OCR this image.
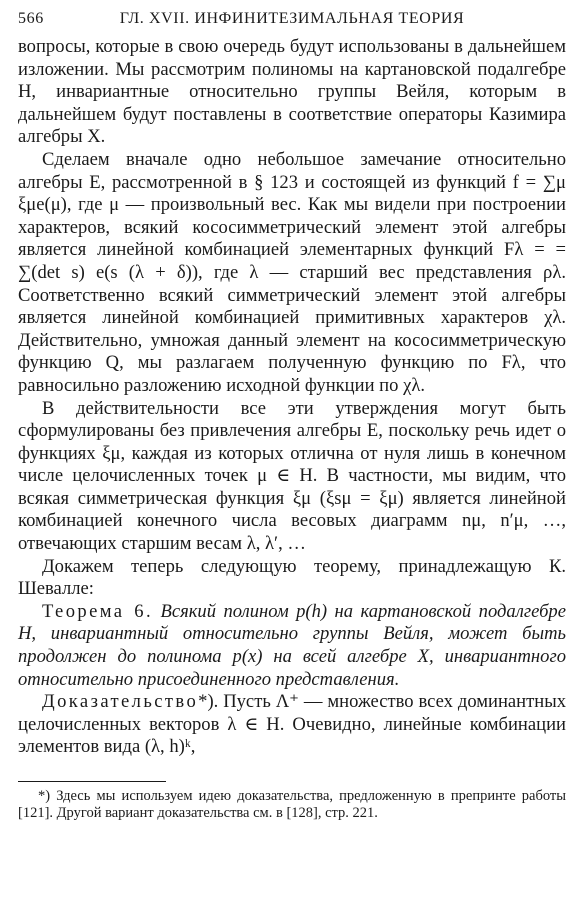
566	ГЛ. XVII. ИНФИНИТЕЗИМАЛЬНАЯ ТЕОРИЯ

вопросы, которые в свою очередь будут использованы в дальнейшем изложении. Мы рассмотрим полиномы на картановской подалгебре H, инвариантные относительно группы Вейля, которым в дальнейшем будут поставлены в соответствие операторы Казимира алгебры X.

Сделаем вначале одно небольшое замечание относительно алгебры E, рассмотренной в § 123 и состоящей из функций f = ∑μ ξμe(μ), где μ — произвольный вес. Как мы видели при построении характеров, всякий кососимметрический элемент этой алгебры является линейной комбинацией элементарных функций Fλ = = ∑(det s) e(s (λ + δ)), где λ — старший вес представления ρλ. Соответственно всякий симметрический элемент этой алгебры является линейной комбинацией примитивных характеров χλ. Действительно, умножая данный элемент на кососимметрическую функцию Q, мы разлагаем полученную функцию по Fλ, что равносильно разложению исходной функции по χλ.

В действительности все эти утверждения могут быть сформулированы без привлечения алгебры E, поскольку речь идет о функциях ξμ, каждая из которых отлична от нуля лишь в конечном числе целочисленных точек μ ∈ H. В частности, мы видим, что всякая симметрическая функция ξμ (ξsμ = ξμ) является линейной комбинацией конечного числа весовых диаграмм nμ, n′μ, …, отвечающих старшим весам λ, λ′, …

Докажем теперь следующую теорему, принадлежащую К. Шевалле:

Теорема 6. Всякий полином p(h) на картановской подалгебре H, инвариантный относительно группы Вейля, может быть продолжен до полинома p(x) на всей алгебре X, инвариантного относительно присоединенного представления.

Доказательство*). Пусть Λ⁺ — множество всех доминантных целочисленных векторов λ ∈ H. Очевидно, линейные комбинации элементов вида (λ, h)ᵏ,

*) Здесь мы используем идею доказательства, предложенную в препринте работы [121]. Другой вариант доказательства см. в [128], стр. 221.
